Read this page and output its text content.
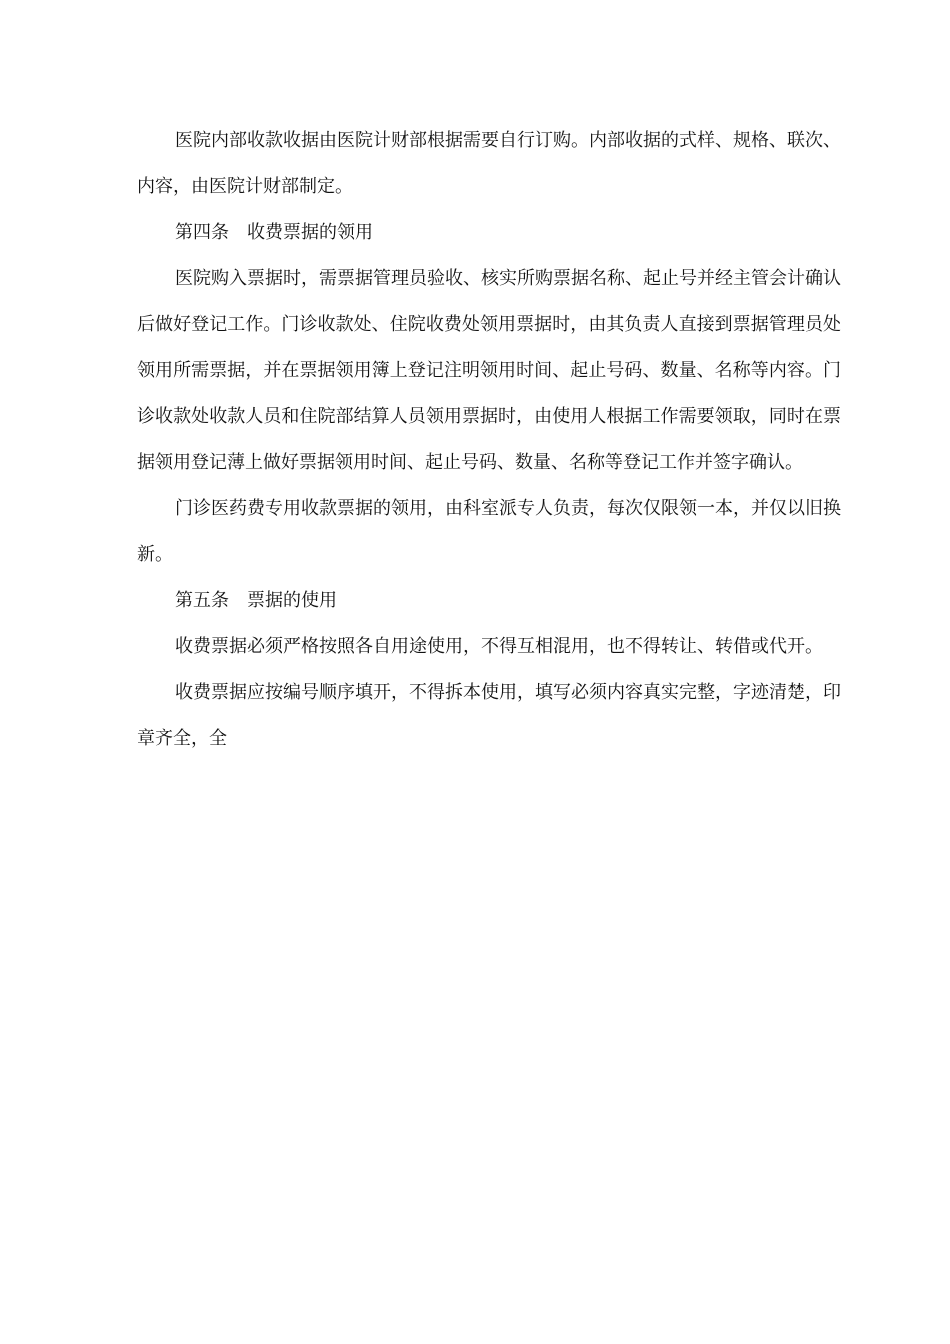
医院内部收款收据由医院计财部根据需要自行订购。内部收据的式样、规格、联次、内容，由医院计财部制定。

第四条　收费票据的领用

医院购入票据时，需票据管理员验收、核实所购票据名称、起止号并经主管会计确认后做好登记工作。门诊收款处、住院收费处领用票据时，由其负责人直接到票据管理员处领用所需票据，并在票据领用簿上登记注明领用时间、起止号码、数量、名称等内容。门诊收款处收款人员和住院部结算人员领用票据时，由使用人根据工作需要领取，同时在票据领用登记薄上做好票据领用时间、起止号码、数量、名称等登记工作并签字确认。

门诊医药费专用收款票据的领用，由科室派专人负责，每次仅限领一本，并仅以旧换新。

第五条　票据的使用

收费票据必须严格按照各自用途使用，不得互相混用，也不得转让、转借或代开。

收费票据应按编号顺序填开，不得拆本使用，填写必须内容真实完整，字迹清楚，印章齐全，全
